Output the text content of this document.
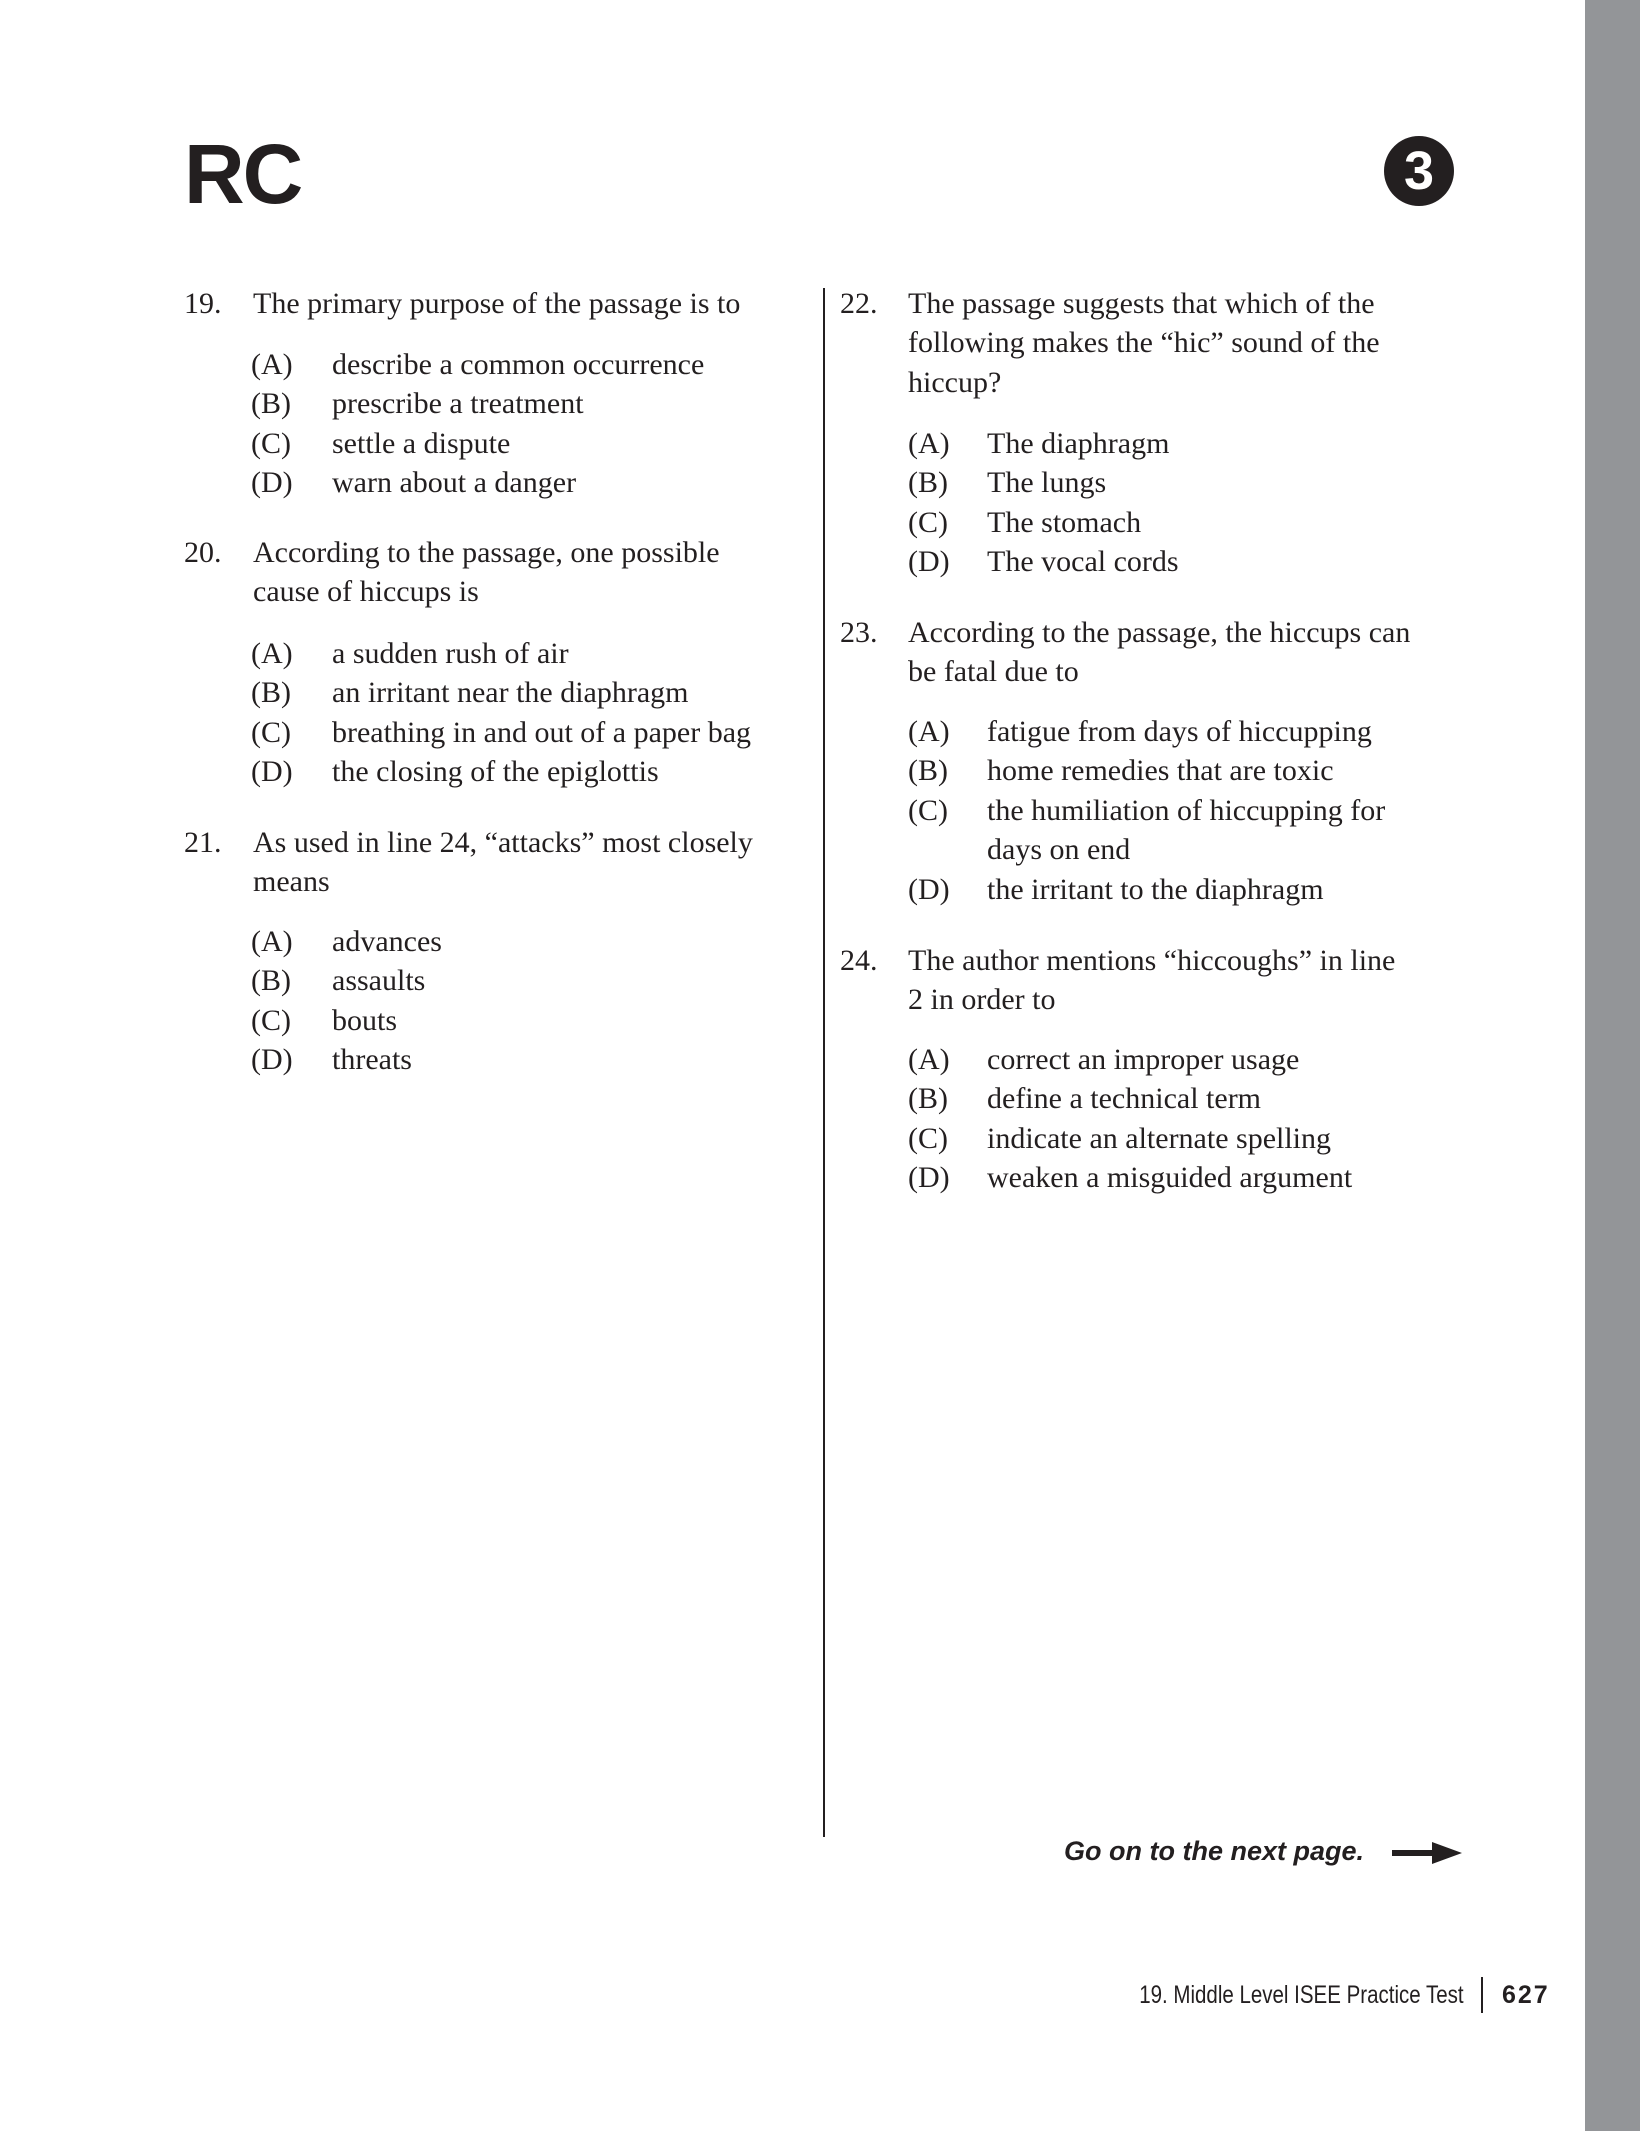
RC	3
19. The primary purpose of the passage is to
(A) describe a common occurrence
(B) prescribe a treatment
(C) settle a dispute
(D) warn about a danger
20. According to the passage, one possible
cause of hiccups is
(A) a sudden rush of air
(B) an irritant near the diaphragm
(C) breathing in and out of a paper bag
(D) the closing of the epiglottis
21. As used in line 24, “attacks” most closely
means
(A) advances
(B) assaults
(C) bouts
(D) threats
22. The passage suggests that which of the
following makes the “hic” sound of the
hiccup?
(A) The diaphragm
(B) The lungs
(C) The stomach
(D) The vocal cords
23. According to the passage, the hiccups can
be fatal due to
(A) fatigue from days of hiccupping
(B) home remedies that are toxic
(C) the humiliation of hiccupping for
days on end
(D) the irritant to the diaphragm
24. The author mentions “hiccoughs” in line
2 in order to
(A) correct an improper usage
(B) define a technical term
(C) indicate an alternate spelling
(D) weaken a misguided argument
Go on to the next page.
19. Middle Level ISEE Practice Test 627
